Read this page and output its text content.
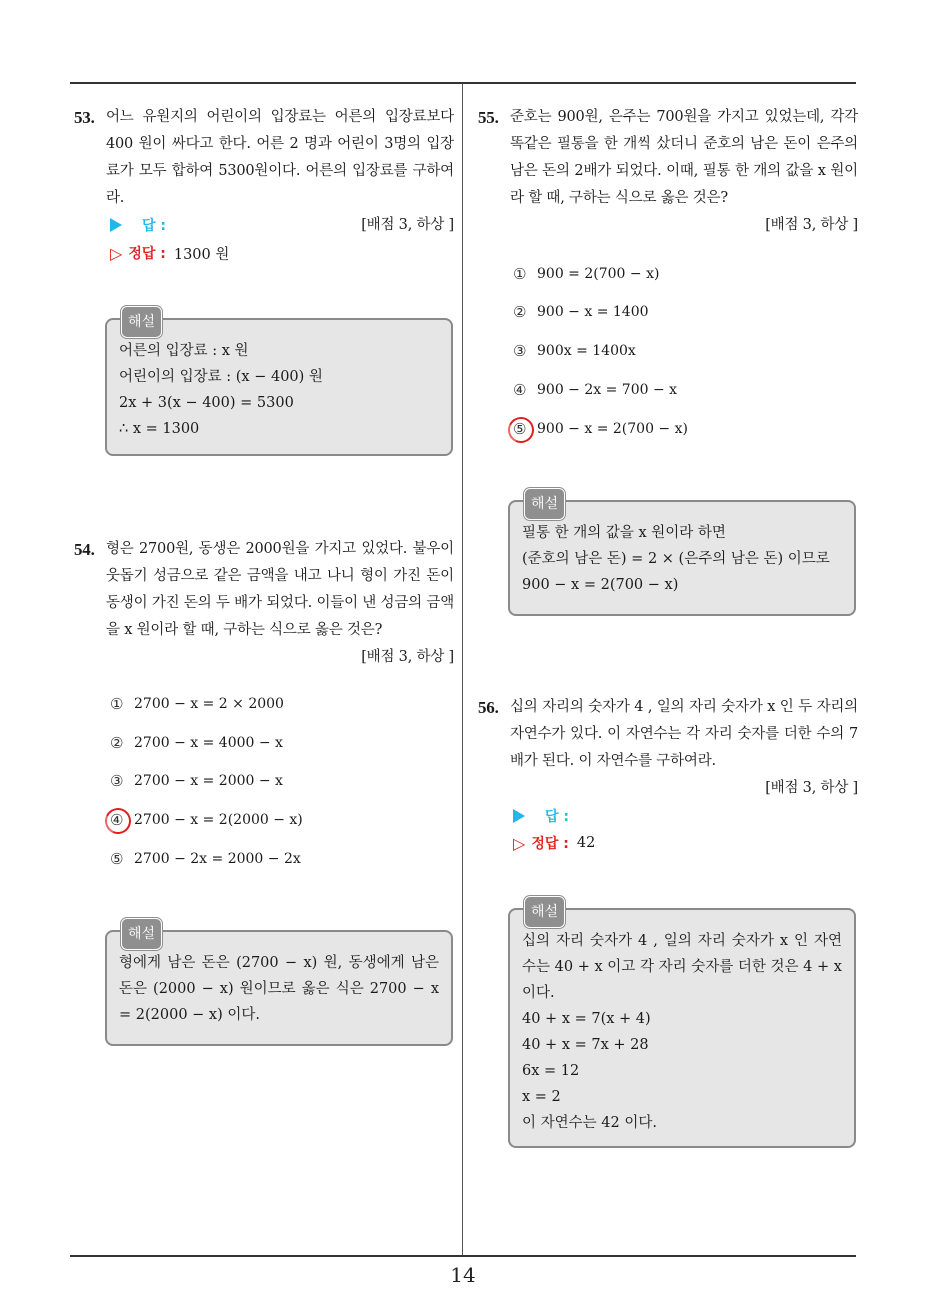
14
53. 어느 유원지의 어린이의 입장료는 어른의 입장료보다 400 원이 싸다고 한다. 어른 2 명과 어린이 3명의 입장료가 모두 합하여 5300원이다. 어른의 입장료를 구하여라.
[배점 3, 하상 ]
답 :
▷ 정답 : 1300 원
해설
어른의 입장료 : x 원
어린이의 입장료 : (x − 400) 원
2x + 3(x − 400) = 5300
∴ x = 1300
54. 형은 2700원, 동생은 2000원을 가지고 있었다. 불우이웃돕기 성금으로 같은 금액을 내고 나니 형이 가진 돈이 동생이 가진 돈의 두 배가 되었다. 이들이 낸 성금의 금액을 x 원이라 할 때, 구하는 식으로 옳은 것은?
[배점 3, 하상 ]
① 2700 − x = 2 × 2000
② 2700 − x = 4000 − x
③ 2700 − x = 2000 − x
④ 2700 − x = 2(2000 − x)
⑤ 2700 − 2x = 2000 − 2x
해설
형에게 남은 돈은 (2700 − x) 원, 동생에게 남은 돈은 (2000 − x) 원이므로 옳은 식은 2700 − x = 2(2000 − x) 이다.
55. 준호는 900원, 은주는 700원을 가지고 있었는데, 각각 똑같은 필통을 한 개씩 샀더니 준호의 남은 돈이 은주의 남은 돈의 2배가 되었다. 이때, 필통 한 개의 값을 x 원이라 할 때, 구하는 식으로 옳은 것은?
[배점 3, 하상 ]
① 900 = 2(700 − x)
② 900 − x = 1400
③ 900x = 1400x
④ 900 − 2x = 700 − x
⑤ 900 − x = 2(700 − x)
해설
필통 한 개의 값을 x 원이라 하면
(준호의 남은 돈) = 2 × (은주의 남은 돈) 이므로
900 − x = 2(700 − x)
56. 십의 자리의 숫자가 4 , 일의 자리 숫자가 x 인 두 자리의 자연수가 있다. 이 자연수는 각 자리 숫자를 더한 수의 7배가 된다. 이 자연수를 구하여라.
[배점 3, 하상 ]
답 :
▷ 정답 : 42
해설
십의 자리 숫자가 4 , 일의 자리 숫자가 x 인 자연수는 40 + x 이고 각 자리 숫자를 더한 것은 4 + x 이다.
40 + x = 7(x + 4)
40 + x = 7x + 28
6x = 12
x = 2
이 자연수는 42 이다.
